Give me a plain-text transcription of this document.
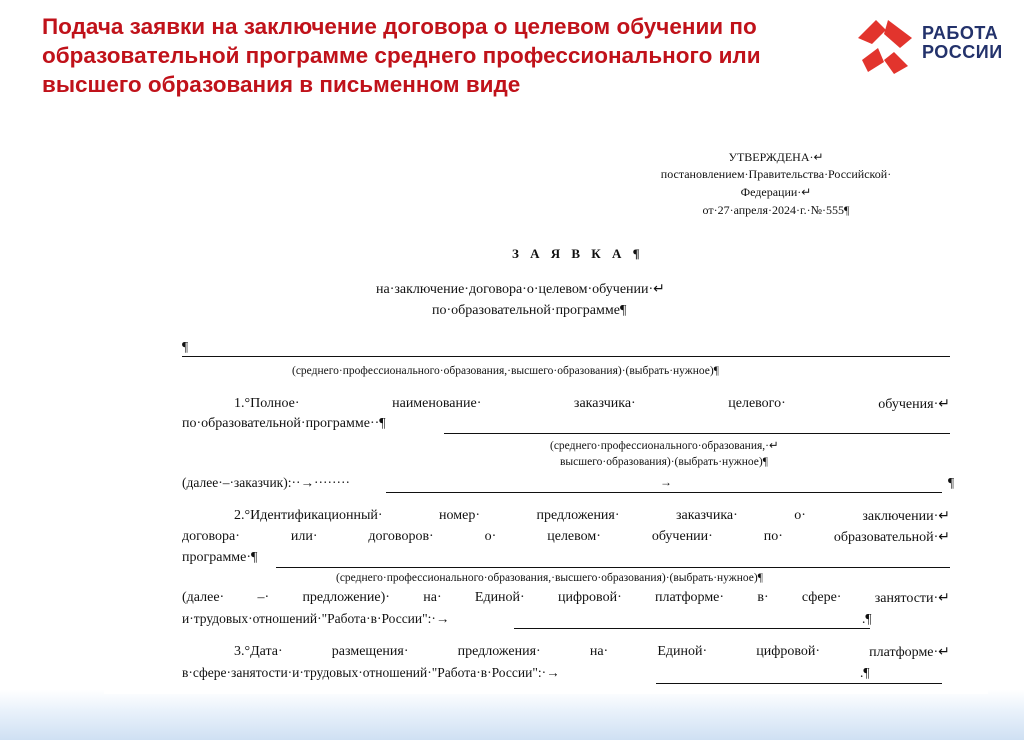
Подача заявки на заключение договора о целевом обучении по образовательной программе среднего профессионального или высшего образования в письменном виде
РАБОТА
РОССИИ
УТВЕРЖДЕНА·↵
постановлением·Правительства·Российской·
Федерации·↵
от·27·апреля·2024·г.·№·555¶
З А Я В К А ¶
на·заключение·договора·о·целевом·обучении·↵
по·образовательной·программе¶
¶
(среднего·профессионального·образования,·высшего·образования)·(выбрать·нужное)¶
1.°Полное·	наименование·	заказчика·	целевого·	обучения·↵
по·образовательной·программе··¶
(среднего·профессионального·образования,·↵
высшего·образования)·(выбрать·нужное)¶
(далее·–·заказчик):··→········	→	¶
2.°Идентификационный·	номер·	предложения·	заказчика·	о·	заключении·↵
договора·	или·	договоров·	о·	целевом·	обучении·	по·	образовательной·↵
программе·¶
(среднего·профессионального·образования,·высшего·образования)·(выбрать·нужное)¶
(далее· –· предложение)· на· Единой· цифровой· платформе· в· сфере· занятости·↵
и·трудовых·отношений·"Работа·в·России":·→	.¶
3.°Дата·	размещения·	предложения·	на·	Единой·	цифровой·	платформе·↵
в·сфере·занятости·и·трудовых·отношений·"Работа·в·России":·→	.¶
